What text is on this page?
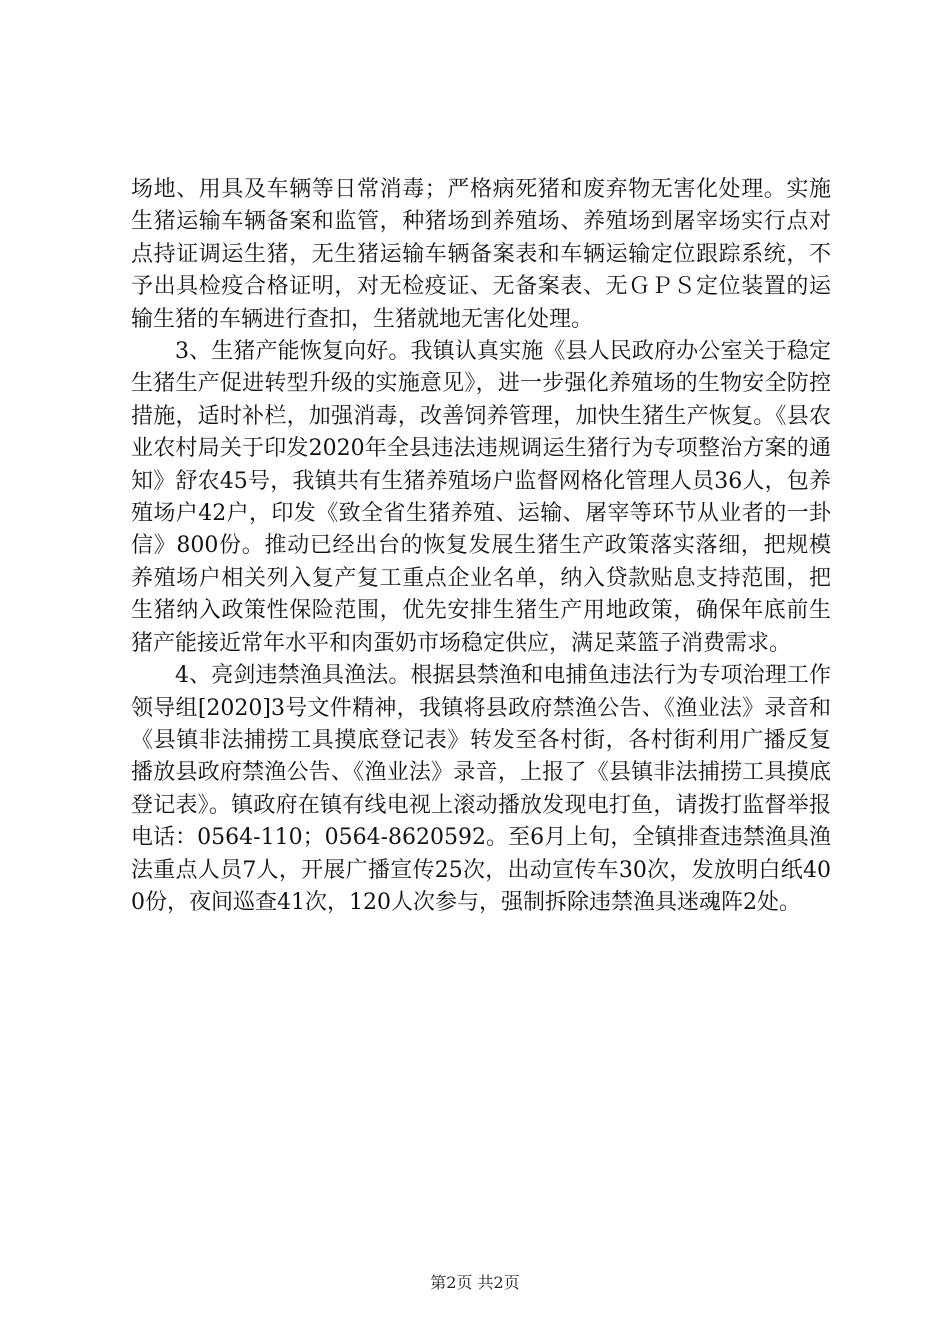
场地、用具及车辆等日常消毒；严格病死猪和废弃物无害化处理。实施生猪运输车辆备案和监管，种猪场到养殖场、养殖场到屠宰场实行点对点持证调运生猪，无生猪运输车辆备案表和车辆运输定位跟踪系统，不予出具检疫合格证明，对无检疫证、无备案表、无ＧＰＳ定位装置的运输生猪的车辆进行查扣，生猪就地无害化处理。

3、生猪产能恢复向好。我镇认真实施《县人民政府办公室关于稳定生猪生产促进转型升级的实施意见》，进一步强化养殖场的生物安全防控措施，适时补栏，加强消毒，改善饲养管理，加快生猪生产恢复。《县农业农村局关于印发2020年全县违法违规调运生猪行为专项整治方案的通知》舒农45号，我镇共有生猪养殖场户监督网格化管理人员36人，包养殖场户42户，印发《致全省生猪养殖、运输、屠宰等环节从业者的一卦信》800份。推动已经出台的恢复发展生猪生产政策落实落细，把规模养殖场户相关列入复产复工重点企业名单，纳入贷款贴息支持范围，把生猪纳入政策性保险范围，优先安排生猪生产用地政策，确保年底前生猪产能接近常年水平和肉蛋奶市场稳定供应，满足菜篮子消费需求。

4、亮剑违禁渔具渔法。根据县禁渔和电捕鱼违法行为专项治理工作领导组[2020]3号文件精神，我镇将县政府禁渔公告、《渔业法》录音和《县镇非法捕捞工具摸底登记表》转发至各村街，各村街利用广播反复播放县政府禁渔公告、《渔业法》录音，上报了《县镇非法捕捞工具摸底登记表》。镇政府在镇有线电视上滚动播放发现电打鱼，请拨打监督举报电话：0564-110；0564-8620592。至6月上旬，全镇排查违禁渔具渔法重点人员7人，开展广播宣传25次，出动宣传车30次，发放明白纸400份，夜间巡查41次，120人次参与，强制拆除违禁渔具迷魂阵2处。

第2页 共2页
